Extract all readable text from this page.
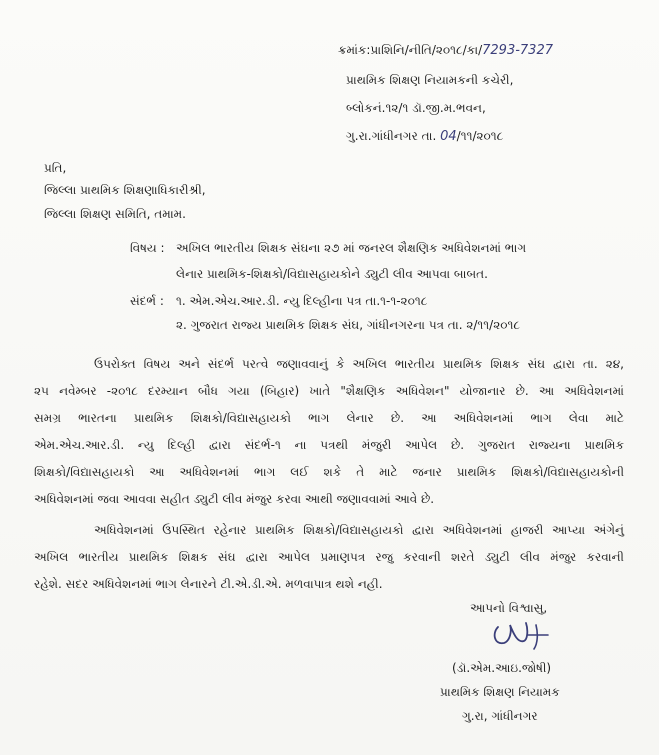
ક્રમાંક:પ્રાશિનિ/નીતિ/૨૦૧૮/કા/7293-7327
પ્રાથમિક શિક્ષણ નિયામકની કચેરી,
બ્લોકનં.૧૨/૧ ડૉ.જી.મ.ભવન,
ગુ.રા.ગાંધીનગર તા. 04/૧૧/૨૦૧૮
પ્રતિ,
જિલ્લા પ્રાથમિક શિક્ષણાધિકારીશ્રી,
જિલ્લા શિક્ષણ સમિતિ, તમામ.
વિષય : અખિલ ભારતીય શિક્ષક સંઘના ૨૭ માં જનરલ શૈક્ષણિક અધિવેશનમાં ભાગ
લેનાર પ્રાથમિક-શિક્ષકો/વિદ્યાસહાયકોને ડ્યુટી લીવ આપવા બાબત.
સંદર્ભ : ૧. એમ.એચ.આર.ડી. ન્યુ દિલ્હીના પત્ર તા.૧-૧-૨૦૧૮
૨. ગુજરાત રાજ્ય પ્રાથમિક શિક્ષક સંઘ, ગાંધીનગરના પત્ર તા. ૨/૧૧/૨૦૧૮
ઉપરોક્ત વિષય અને સંદર્ભ પરત્વે જણાવવાનું કે અખિલ ભારતીય પ્રાથમિક શિક્ષક સંઘ દ્વારા તા. ૨૪,
૨૫ નવેમ્બર -૨૦૧૮ દરમ્યાન બૌધ ગયા (બિહાર) ખાતે "શૈક્ષણિક અધિવેશન" યોજાનાર છે. આ અધિવેશનમાં
સમગ્ર ભારતના પ્રાથમિક શિક્ષકો/વિદ્યાસહાયકો ભાગ લેનાર છે. આ અધિવેશનમાં ભાગ લેવા માટે
એમ.એચ.આર.ડી. ન્યુ દિલ્હી દ્વારા સંદર્ભ-૧ ના પત્રથી મંજુરી આપેલ છે. ગુજરાત રાજ્યના પ્રાથમિક
શિક્ષકો/વિદ્યાસહાયકો આ અધિવેશનમાં ભાગ લઈ શકે તે માટે જનાર પ્રાથમિક શિક્ષકો/વિદ્યાસહાયકોની
અધિવેશનમાં જવા આવવા સહીત ડ્યુટી લીવ મંજુર કરવા આથી જણાવવામાં આવે છે.
અધિવેશનમાં ઉપસ્થિત રહેનાર પ્રાથમિક શિક્ષકો/વિદ્યાસહાયકો દ્વારા અધિવેશનમાં હાજરી આપ્યા અંગેનું
અખિલ ભારતીય પ્રાથમિક શિક્ષક સંઘ દ્વારા આપેલ પ્રમાણપત્ર રજુ કરવાની શરતે ડ્યુટી લીવ મંજુર કરવાની
રહેશે. સદર અધિવેશનમાં ભાગ લેનારને ટી.એ.ડી.એ. મળવાપાત્ર થશે નહી.
આપનો વિશ્વાસુ,
(ડૉ.એમ.આઇ.જોષી)
પ્રાથમિક શિક્ષણ નિયામક
ગુ.રા, ગાંધીનગર
